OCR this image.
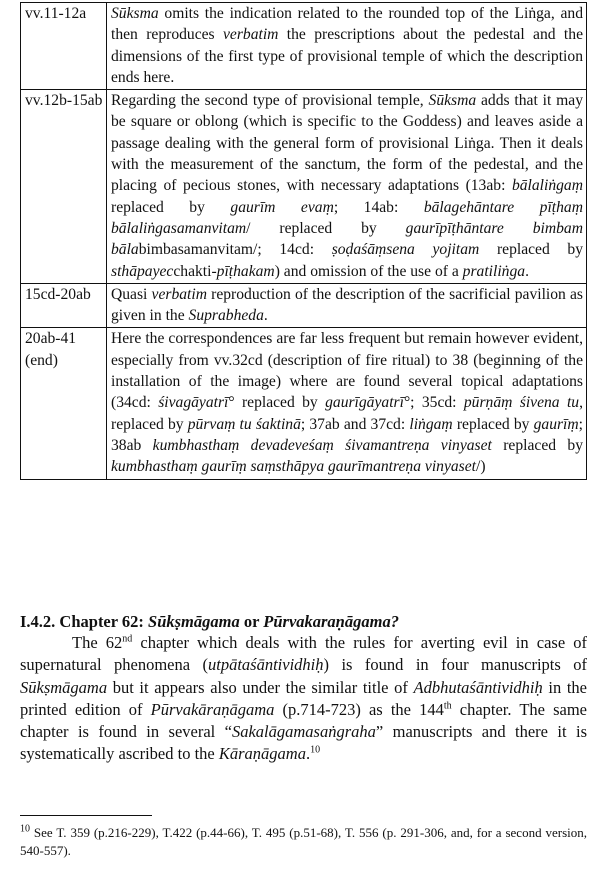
vv.11-12a	Sūksma omits the indication related to the rounded top of the Liṅga, and then reproduces verbatim the prescriptions about the pedestal and the dimensions of the first type of provisional temple of which the description ends here.
vv.12b-15ab	Regarding the second type of provisional temple, Sūksma adds that it may be square or oblong (which is specific to the Goddess) and leaves aside a passage dealing with the general form of provisional Liṅga. Then it deals with the measurement of the sanctum, the form of the pedestal, and the placing of pecious stones, with necessary adaptations (13ab: bālaliṅgaṃ replaced by gaurīm evaṃ; 14ab: bālagehāntare pīṭhaṃ bālaliṅgasamanvitam/ replaced by gaurīpīṭhāntare bimbam bālabimbasamanvitam/; 14cd: ṣoḍaśāṃsena yojitam replaced by sthāpayecchakti-pīṭhakam) and omission of the use of a pratiliṅga.
15cd-20ab	Quasi verbatim reproduction of the description of the sacrificial pavilion as given in the Suprabheda.
20ab-41 (end)	Here the correspondences are far less frequent but remain however evident, especially from vv.32cd (description of fire ritual) to 38 (beginning of the installation of the image) where are found several topical adaptations (34cd: śivagāyatrī° replaced by gaurīgāyatrī°; 35cd: pūrṇāṃ śivena tu, replaced by pūrvaṃ tu śaktinā; 37ab and 37cd: liṅgaṃ replaced by gaurīṃ; 38ab kumbhasthaṃ devadeveśaṃ śivamantreṇa vinyaset replaced by kumbhasthaṃ gaurīṃ saṃsthāpya gaurīmantreṇa vinyaset/)
I.4.2. Chapter 62: Sūkṣmāgama or Pūrvakaraṇāgama?
The 62nd chapter which deals with the rules for averting evil in case of supernatural phenomena (utpātaśāntividhiḥ) is found in four manuscripts of Sūkṣmāgama but it appears also under the similar title of Adbhutaśāntividhiḥ in the printed edition of Pūrvakāraṇāgama (p.714-723) as the 144th chapter. The same chapter is found in several “Sakalāgamasaṅgraha” manuscripts and there it is systematically ascribed to the Kāraṇāgama.$^{10}$
$^{10}$ See T. 359 (p.216-229), T.422 (p.44-66), T. 495 (p.51-68), T. 556 (p. 291-306, and, for a second version, 540-557).
